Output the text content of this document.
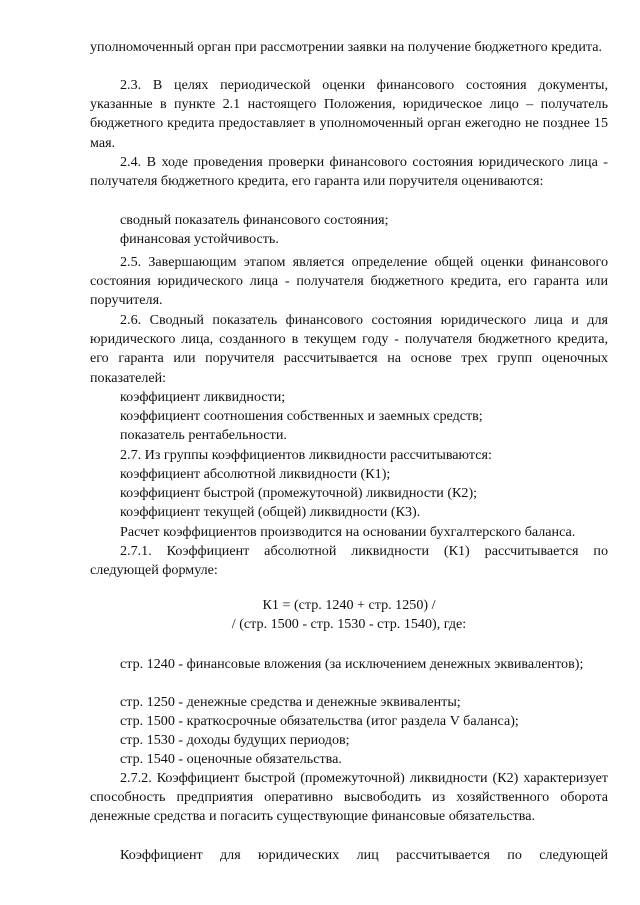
уполномоченный орган при рассмотрении заявки на получение бюджетного кредита.

2.3. В целях периодической оценки финансового состояния документы, указанные в пункте 2.1 настоящего Положения, юридическое лицо – получатель бюджетного кредита предоставляет в уполномоченный орган ежегодно не позднее 15 мая.

2.4. В ходе проведения проверки финансового состояния юридического лица - получателя бюджетного кредита, его гаранта или поручителя оцениваются:

сводный показатель финансового состояния;

финансовая устойчивость.

2.5. Завершающим этапом является определение общей оценки финансового состояния юридического лица - получателя бюджетного кредита, его гаранта или поручителя.

2.6. Сводный показатель финансового состояния юридического лица и для юридического лица, созданного в текущем году - получателя бюджетного кредита, его гаранта или поручителя рассчитывается на основе трех групп оценочных показателей:

коэффициент ликвидности;

коэффициент соотношения собственных и заемных средств;

показатель рентабельности.

2.7. Из группы коэффициентов ликвидности рассчитываются:

коэффициент абсолютной ликвидности (К1);

коэффициент быстрой (промежуточной) ликвидности (К2);

коэффициент текущей (общей) ликвидности (К3).

Расчет коэффициентов производится на основании бухгалтерского баланса.

2.7.1. Коэффициент абсолютной ликвидности (К1) рассчитывается по следующей формуле:

К1 = (стр. 1240 + стр. 1250) /

/ (стр. 1500 - стр. 1530 - стр. 1540), где:

стр. 1240 - финансовые вложения (за исключением денежных эквивалентов);

стр. 1250 - денежные средства и денежные эквиваленты;

стр. 1500 - краткосрочные обязательства (итог раздела V баланса);

стр. 1530 - доходы будущих периодов;

стр. 1540 - оценочные обязательства.

2.7.2. Коэффициент быстрой (промежуточной) ликвидности (К2) характеризует способность предприятия оперативно высвободить из хозяйственного оборота денежные средства и погасить существующие финансовые обязательства.

Коэффициент для юридических лиц рассчитывается по следующей
